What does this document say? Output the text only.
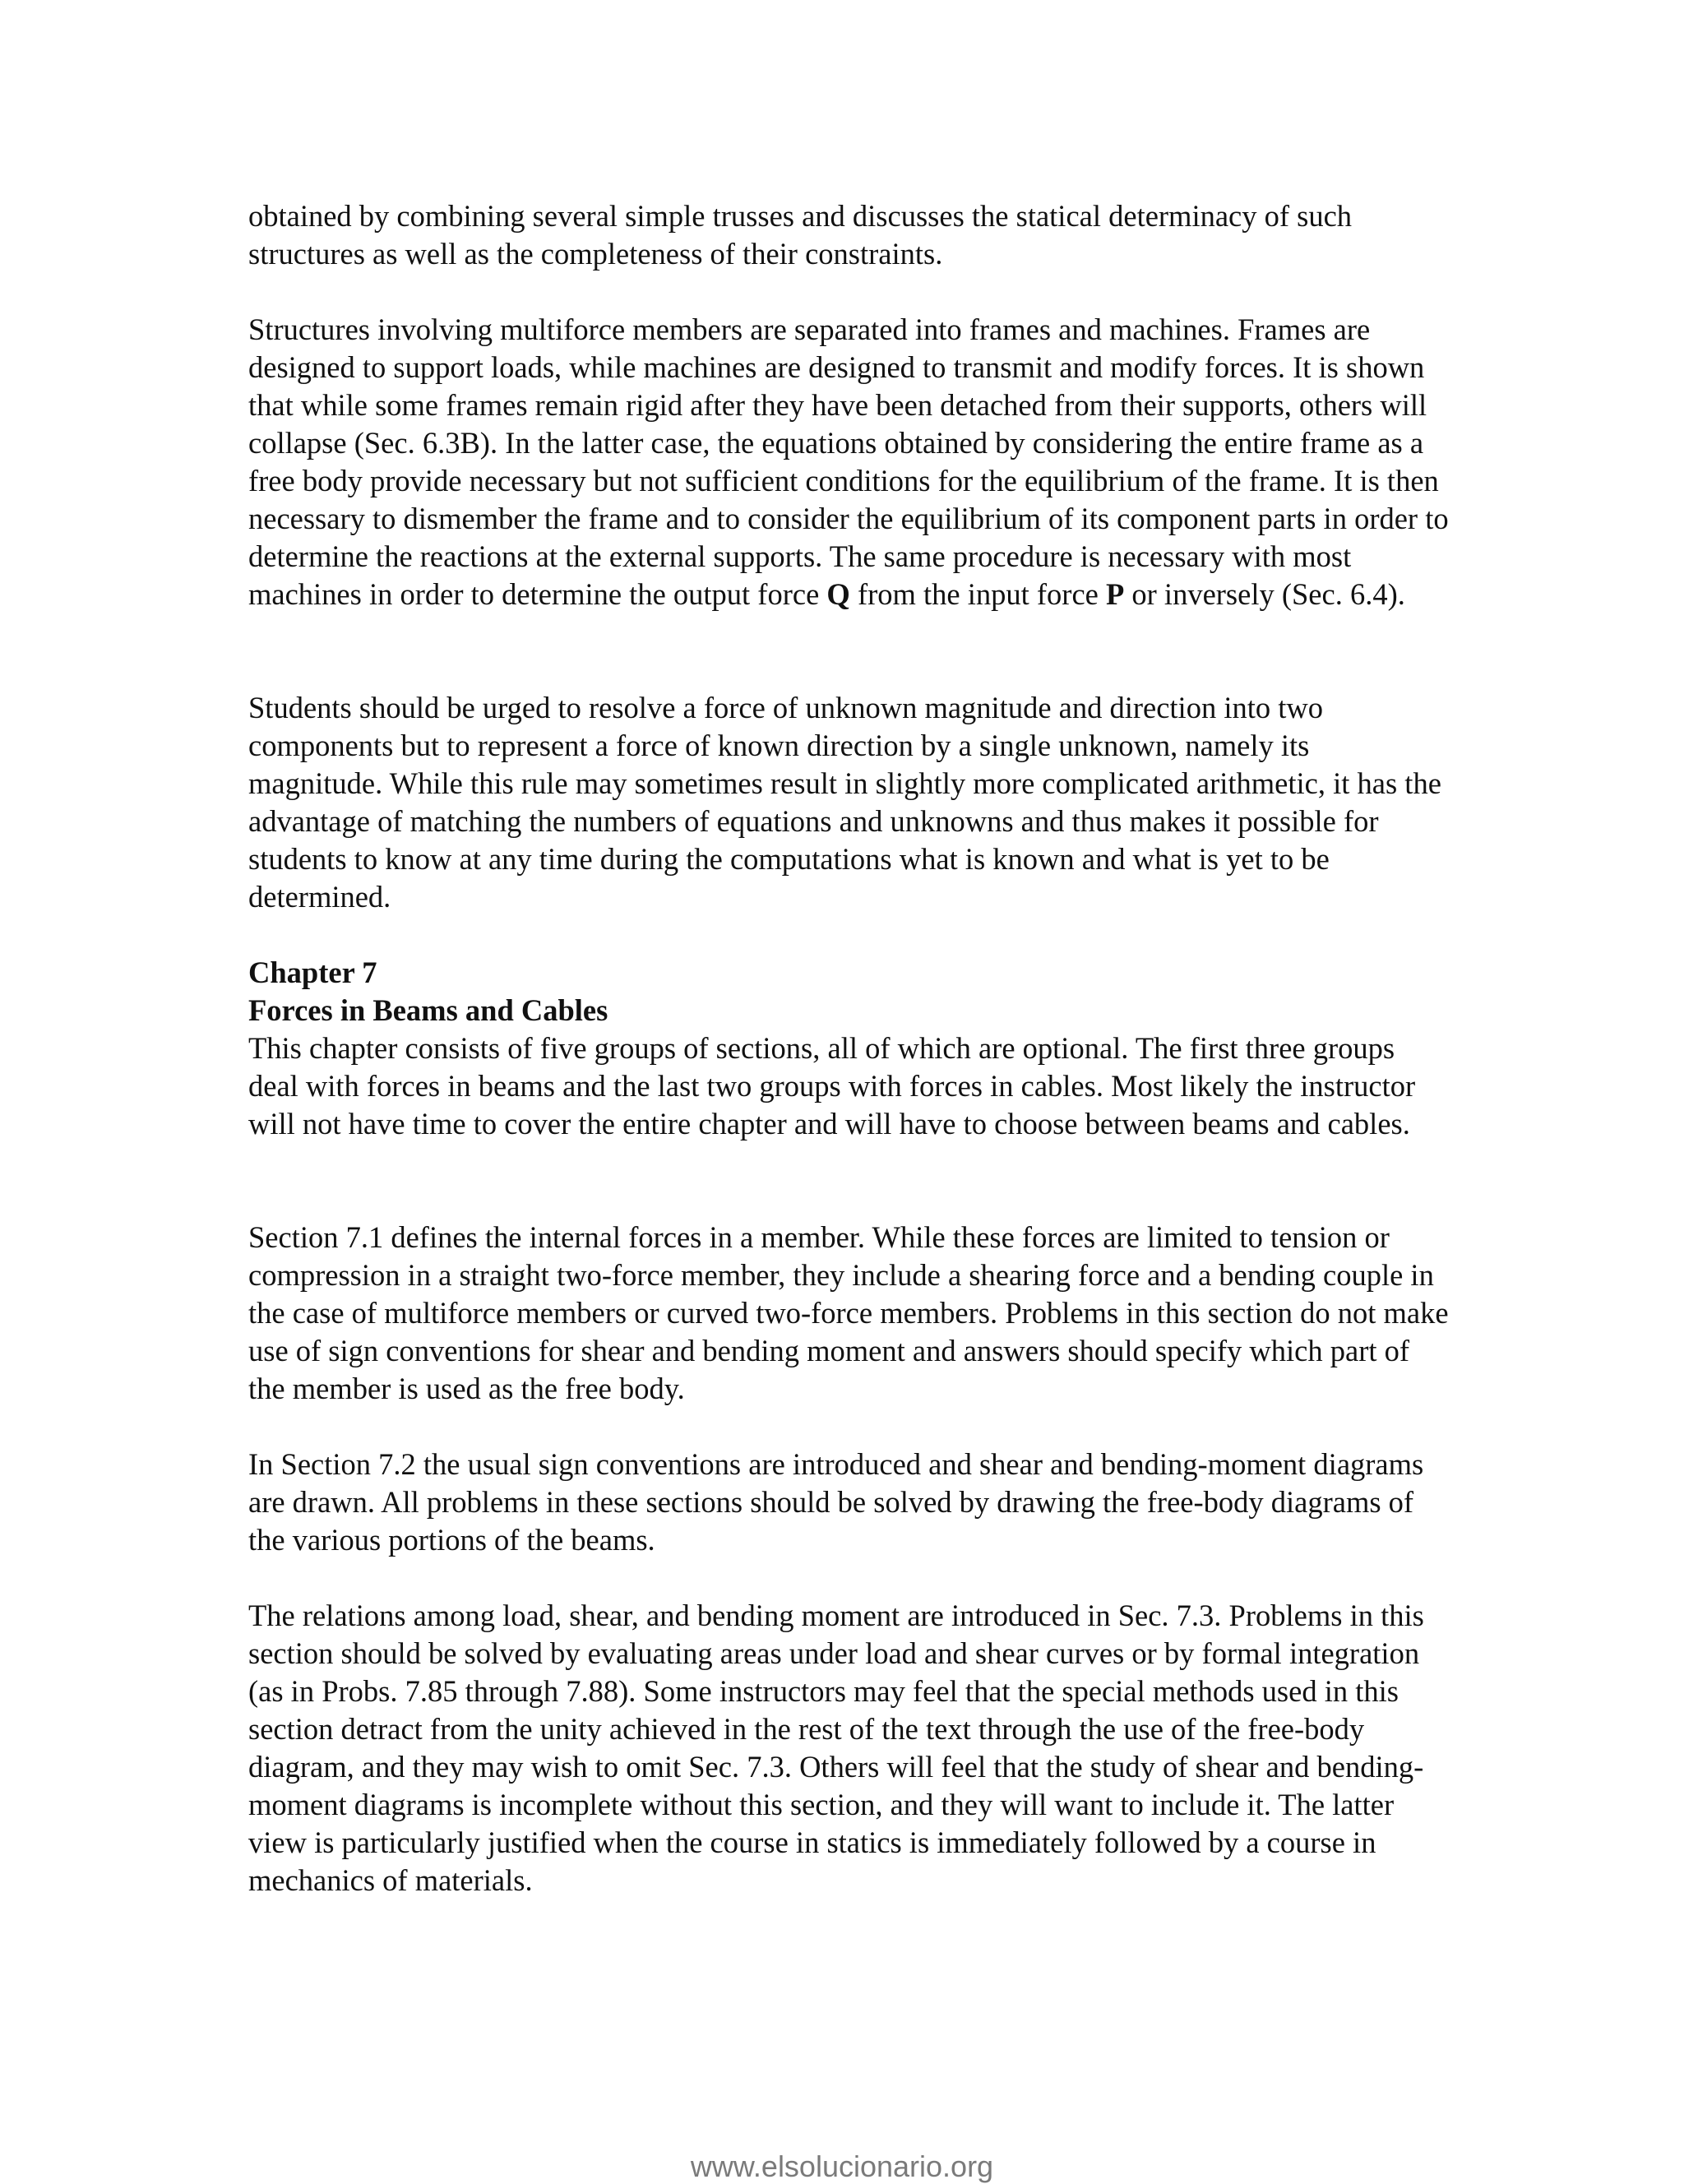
obtained by combining several simple trusses and discusses the statical determinacy of such structures as well as the completeness of their constraints.

Structures involving multiforce members are separated into frames and machines. Frames are designed to support loads, while machines are designed to transmit and modify forces. It is shown that while some frames remain rigid after they have been detached from their supports, others will collapse (Sec. 6.3B). In the latter case, the equations obtained by considering the entire frame as a free body provide necessary but not sufficient conditions for the equilibrium of the frame. It is then necessary to dismember the frame and to consider the equilibrium of its component parts in order to determine the reactions at the external supports. The same procedure is necessary with most machines in order to determine the output force Q from the input force P or inversely (Sec. 6.4).

Students should be urged to resolve a force of unknown magnitude and direction into two components but to represent a force of known direction by a single unknown, namely its magnitude. While this rule may sometimes result in slightly more complicated arithmetic, it has the advantage of matching the numbers of equations and unknowns and thus makes it possible for students to know at any time during the computations what is known and what is yet to be determined.

Chapter 7

Forces in Beams and Cables

This chapter consists of five groups of sections, all of which are optional. The first three groups deal with forces in beams and the last two groups with forces in cables. Most likely the instructor will not have time to cover the entire chapter and will have to choose between beams and cables.

Section 7.1 defines the internal forces in a member. While these forces are limited to tension or compression in a straight two-force member, they include a shearing force and a bending couple in the case of multiforce members or curved two-force members. Problems in this section do not make use of sign conventions for shear and bending moment and answers should specify which part of the member is used as the free body.

In Section 7.2 the usual sign conventions are introduced and shear and bending-moment diagrams are drawn. All problems in these sections should be solved by drawing the free-body diagrams of the various portions of the beams.

The relations among load, shear, and bending moment are introduced in Sec. 7.3. Problems in this section should be solved by evaluating areas under load and shear curves or by formal integration (as in Probs. 7.85 through 7.88). Some instructors may feel that the special methods used in this section detract from the unity achieved in the rest of the text through the use of the free-body diagram, and they may wish to omit Sec. 7.3. Others will feel that the study of shear and bending-moment diagrams is incomplete without this section, and they will want to include it. The latter view is particularly justified when the course in statics is immediately followed by a course in mechanics of materials.

www.elsolucionario.org
